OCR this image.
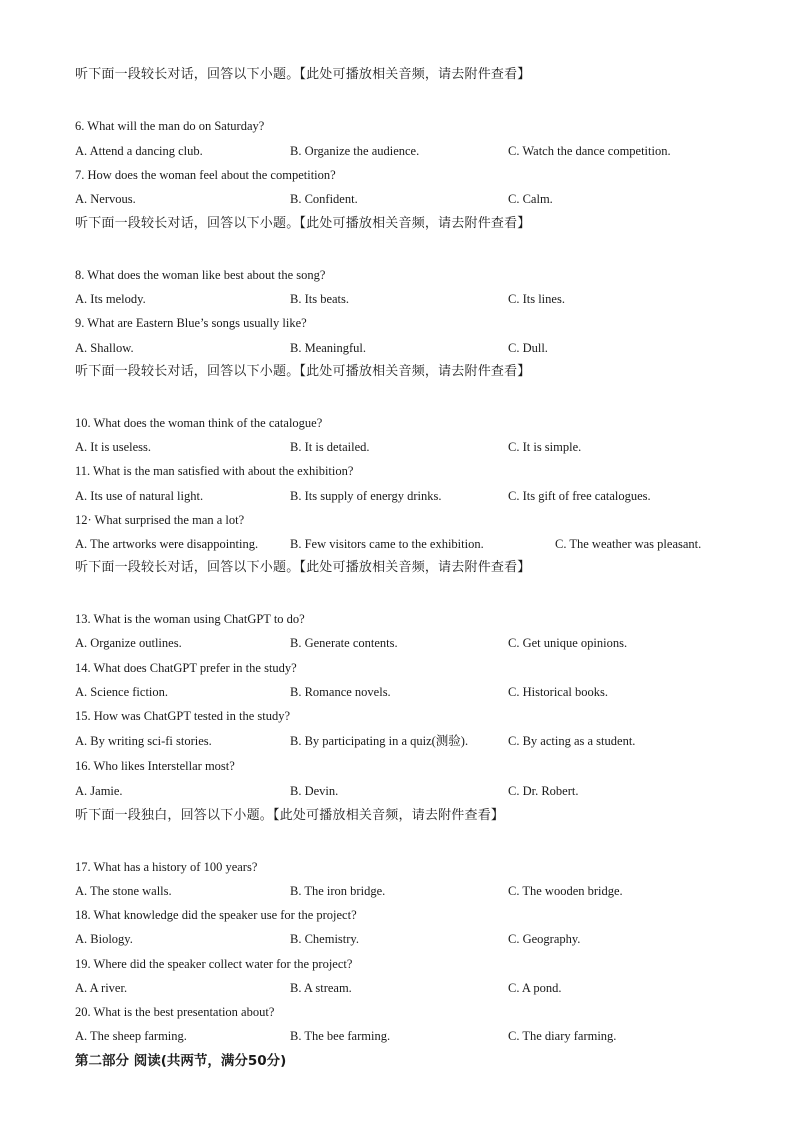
听下面一段较长对话，回答以下小题。【此处可播放相关音频，请去附件查看】
6. What will the man do on Saturday?
A. Attend a dancing club.	B. Organize the audience.	C. Watch the dance competition.
7. How does the woman feel about the competition?
A. Nervous.	B. Confident.	C. Calm.
听下面一段较长对话，回答以下小题。【此处可播放相关音频，请去附件查看】
8. What does the woman like best about the song?
A. Its melody.	B. Its beats.	C. Its lines.
9. What are Eastern Blue’s songs usually like?
A. Shallow.	B. Meaningful.	C. Dull.
听下面一段较长对话，回答以下小题。【此处可播放相关音频，请去附件查看】
10. What does the woman think of the catalogue?
A. It is useless.	B. It is detailed.	C. It is simple.
11. What is the man satisfied with about the exhibition?
A. Its use of natural light.	B. Its supply of energy drinks.	C. Its gift of free catalogues.
12· What surprised the man a lot?
A. The artworks were disappointing.	B. Few visitors came to the exhibition.	C. The weather was pleasant.
听下面一段较长对话，回答以下小题。【此处可播放相关音频，请去附件查看】
13. What is the woman using ChatGPT to do?
A. Organize outlines.	B. Generate contents.	C. Get unique opinions.
14. What does ChatGPT prefer in the study?
A. Science fiction.	B. Romance novels.	C. Historical books.
15. How was ChatGPT tested in the study?
A. By writing sci-fi stories.	B. By participating in a quiz(测验).	C. By acting as a student.
16. Who likes Interstellar most?
A. Jamie.	B. Devin.	C. Dr. Robert.
听下面一段独白，回答以下小题。【此处可播放相关音频，请去附件查看】
17. What has a history of 100 years?
A. The stone walls.	B. The iron bridge.	C. The wooden bridge.
18. What knowledge did the speaker use for the project?
A. Biology.	B. Chemistry.	C. Geography.
19. Where did the speaker collect water for the project?
A. A river.	B. A stream.	C. A pond.
20. What is the best presentation about?
A. The sheep farming.	B. The bee farming.	C. The diary farming.
第二部分 阅读(共两节，满分50分)
